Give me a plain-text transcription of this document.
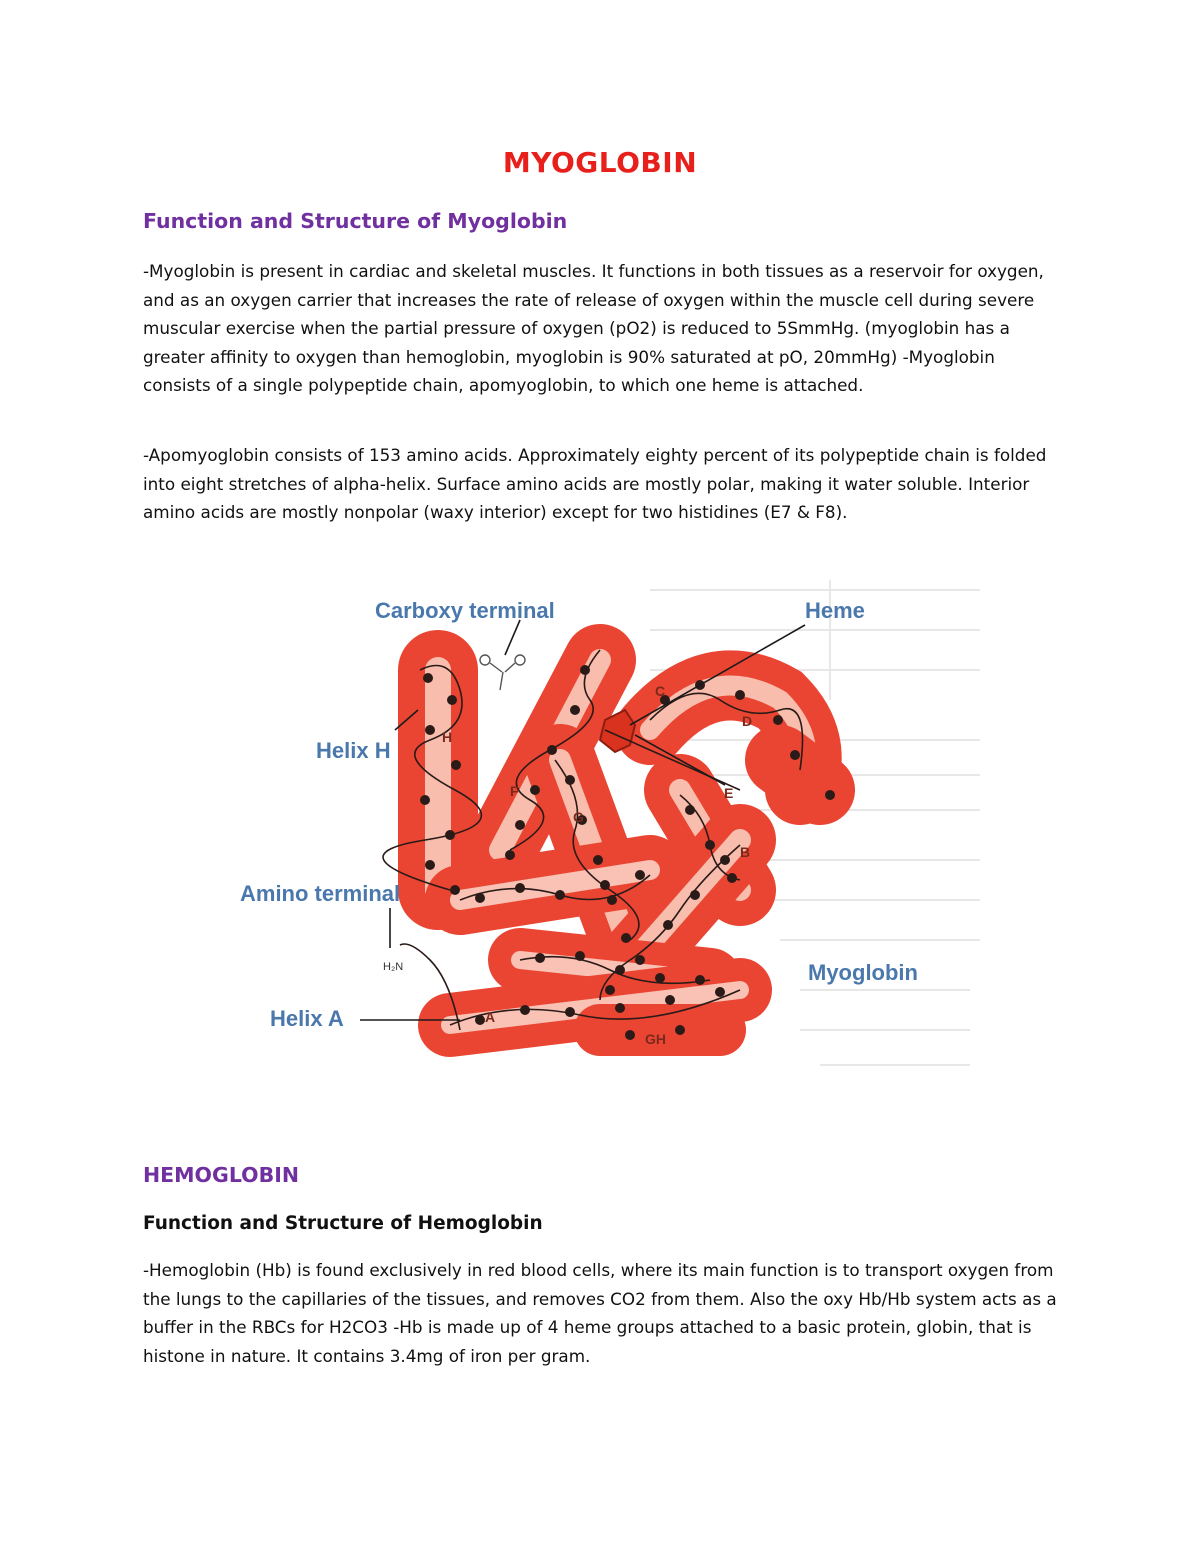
MYOGLOBIN
Function and Structure of Myoglobin

-Myoglobin is present in cardiac and skeletal muscles. It functions in both tissues as a reservoir for oxygen, and as an oxygen carrier that increases the rate of release of oxygen within the muscle cell during severe muscular exercise when the partial pressure of oxygen (pO2) is reduced to 5SmmHg. (myoglobin has a greater affinity to oxygen than hemoglobin, myoglobin is 90% saturated at pO, 20mmHg) -Myoglobin consists of a single polypeptide chain, apomyoglobin, to which one heme is attached.

-Apomyoglobin consists of 153 amino acids. Approximately eighty percent of its polypeptide chain is folded into eight stretches of alpha-helix. Surface amino acids are mostly polar, making it water soluble. Interior amino acids are mostly nonpolar (waxy interior) except for two histidines (E7 & F8).

Carboxy terminal	Heme
Helix H
Amino terminal
Myoglobin
Helix A
H₂N
H
F
G
C
D
E
B
A
GH
HEMOGLOBIN
Function and Structure of Hemoglobin

-Hemoglobin (Hb) is found exclusively in red blood cells, where its main function is to transport oxygen from the lungs to the capillaries of the tissues, and removes CO2 from them. Also the oxy Hb/Hb system acts as a buffer in the RBCs for H2CO3 -Hb is made up of 4 heme groups attached to a basic protein, globin, that is histone in nature. It contains 3.4mg of iron per gram.
